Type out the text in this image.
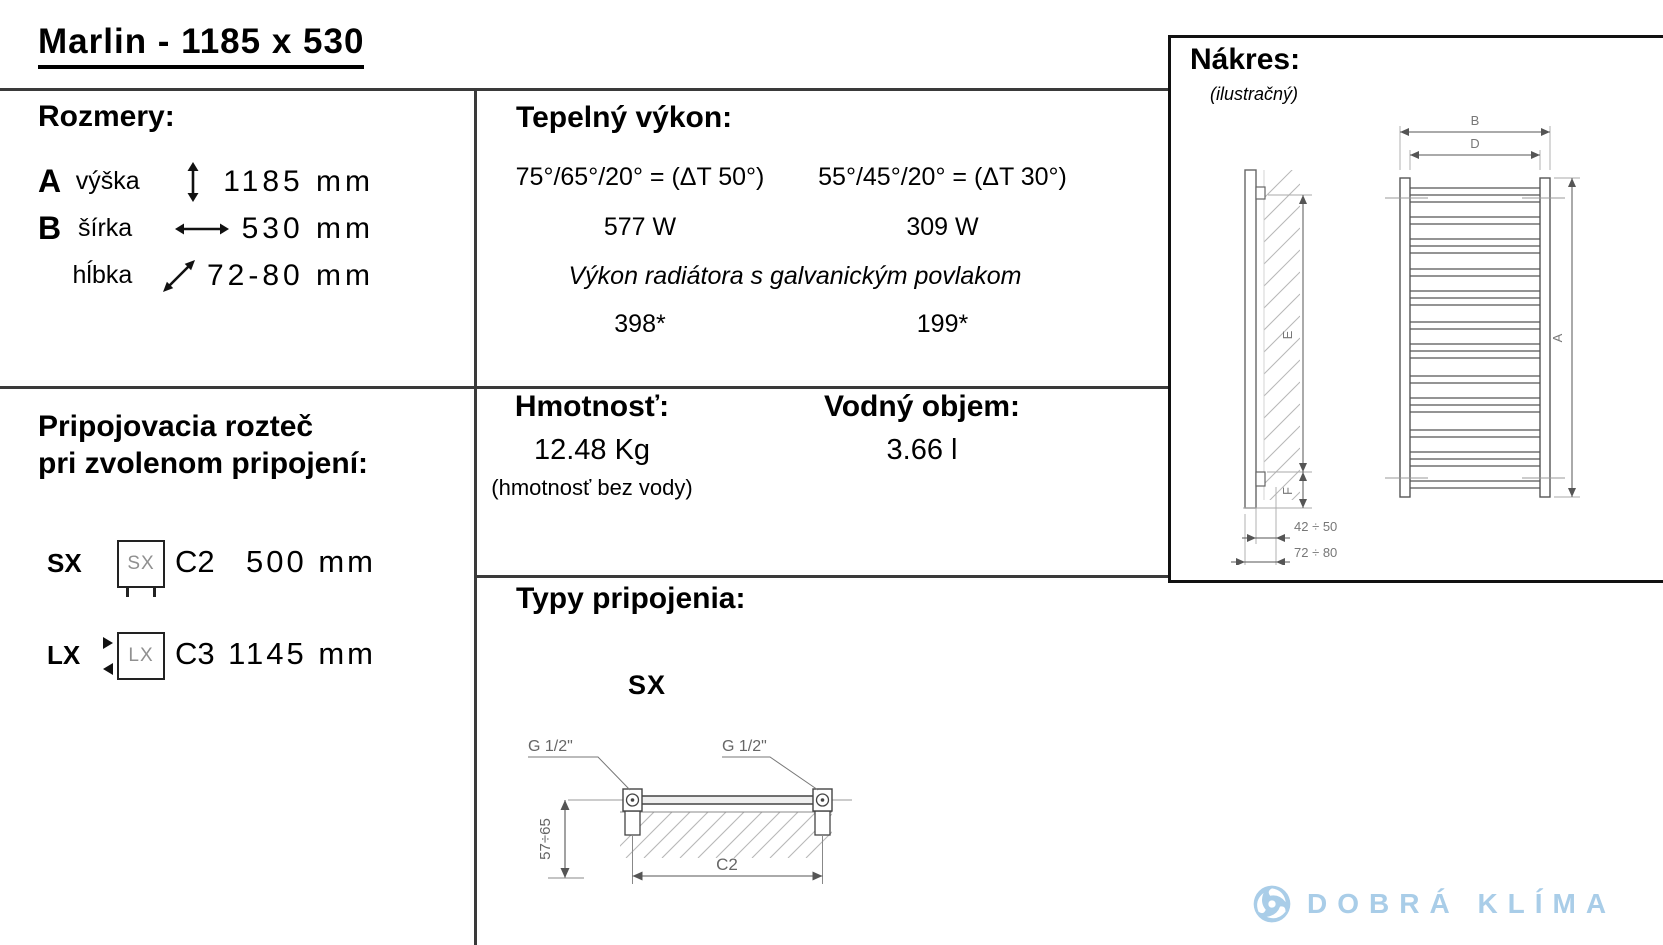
Marlin - 1185 x 530
Rozmery:
A výška	1185 mm
B šírka	530 mm
hĺbka	72-80 mm
Tepelný výkon:
75°/65°/20° = (ΔT 50°)	55°/45°/20° = (ΔT 30°)
577 W	309 W
Výkon radiátora s galvanickým povlakom
398*	199*
Hmotnosť:
12.48 Kg
(hmotnosť bez vody)
Vodný objem:
3.66 l
Pripojovacia rozteč
pri zvolenom pripojení:
SX SX C2	500 mm
LX	LX C3 1145 mm
Typy pripojenia:
SX
G 1/2"	G 1/2"
57÷65
C2
Nákres:
(ilustračný)
E
F
42 ÷ 50
72 ÷ 80
B
D
A
DOBRÁ KLÍMA
